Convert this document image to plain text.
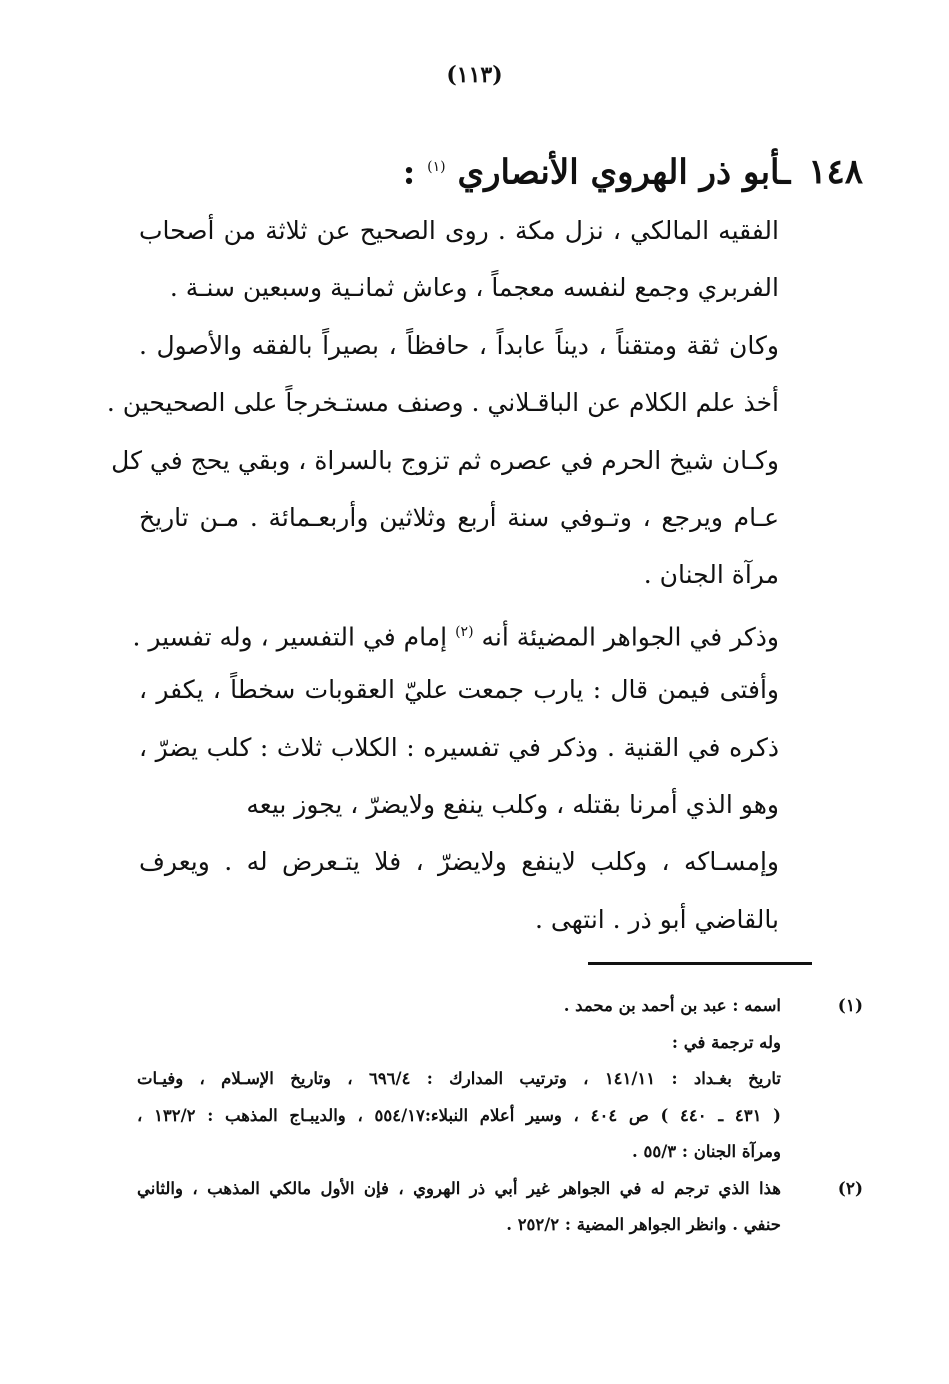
(١١٣)
١٤٨ ـأبو ذر الهروي الأنصاري $^{(١)}$ :
الفقيه المالكي ، نزل مكة . روى الصحيح عن ثلاثة من أصحاب
الفربري وجمع لنفسه معجماً ، وعاش ثمانـية وسبعين سنـة .
وكان ثقة ومتقناً ، ديناً عابداً ، حافظاً ، بصيراً بالفقه والأصول .
أخذ علم الكلام عن الباقـلاني . وصنف مستـخرجاً على الصحيحين .
وكـان شيخ الحرم في عصره ثم تزوج بالسراة ، وبقي يحج في كل
عـام ويرجع ، وتـوفي سنة أربع وثلاثين وأربعـمائة . مـن تاريخ
مرآة الجنان .
وذكر في الجواهر المضيئة أنه $^{(٢)}$ إمام في التفسير ، وله تفسير .
وأفتى فيمن قال : يارب جمعت عليّ العقوبات سخطاً ، يكفر ،
ذكره في القنية . وذكر في تفسيره : الكلاب ثلاث : كلب يضرّ ،
وهو الذي أمرنا بقتله ، وكلب ينفع ولايضرّ ، يجوز بيعه
وإمسـاكه ، وكلب لاينفع ولايضرّ ، فلا يتـعرض له . ويعرف
بالقاضي أبو ذر . انتهى .
(١)
اسمه : عبد بن أحمد بن محمد .
وله ترجمة في :
تاريخ بغـداد : ١٤١/١١ ، وترتيب المدارك : ٦٩٦/٤ ، وتاريخ الإسـلام ، وفيـات
( ٤٣١ ـ ٤٤٠ ) ص ٤٠٤ ، وسير أعلام النبلاء:٥٥٤/١٧ ، والديبـاج المذهب : ١٣٢/٢ ،
ومرآة الجنان : ٥٥/٣ .
(٢)
هذا الذي ترجم له في الجواهر غير أبي ذر الهروي ، فإن الأول مالكي المذهب ، والثاني
حنفي . وانظر الجواهر المضية : ٢٥٢/٢ .
